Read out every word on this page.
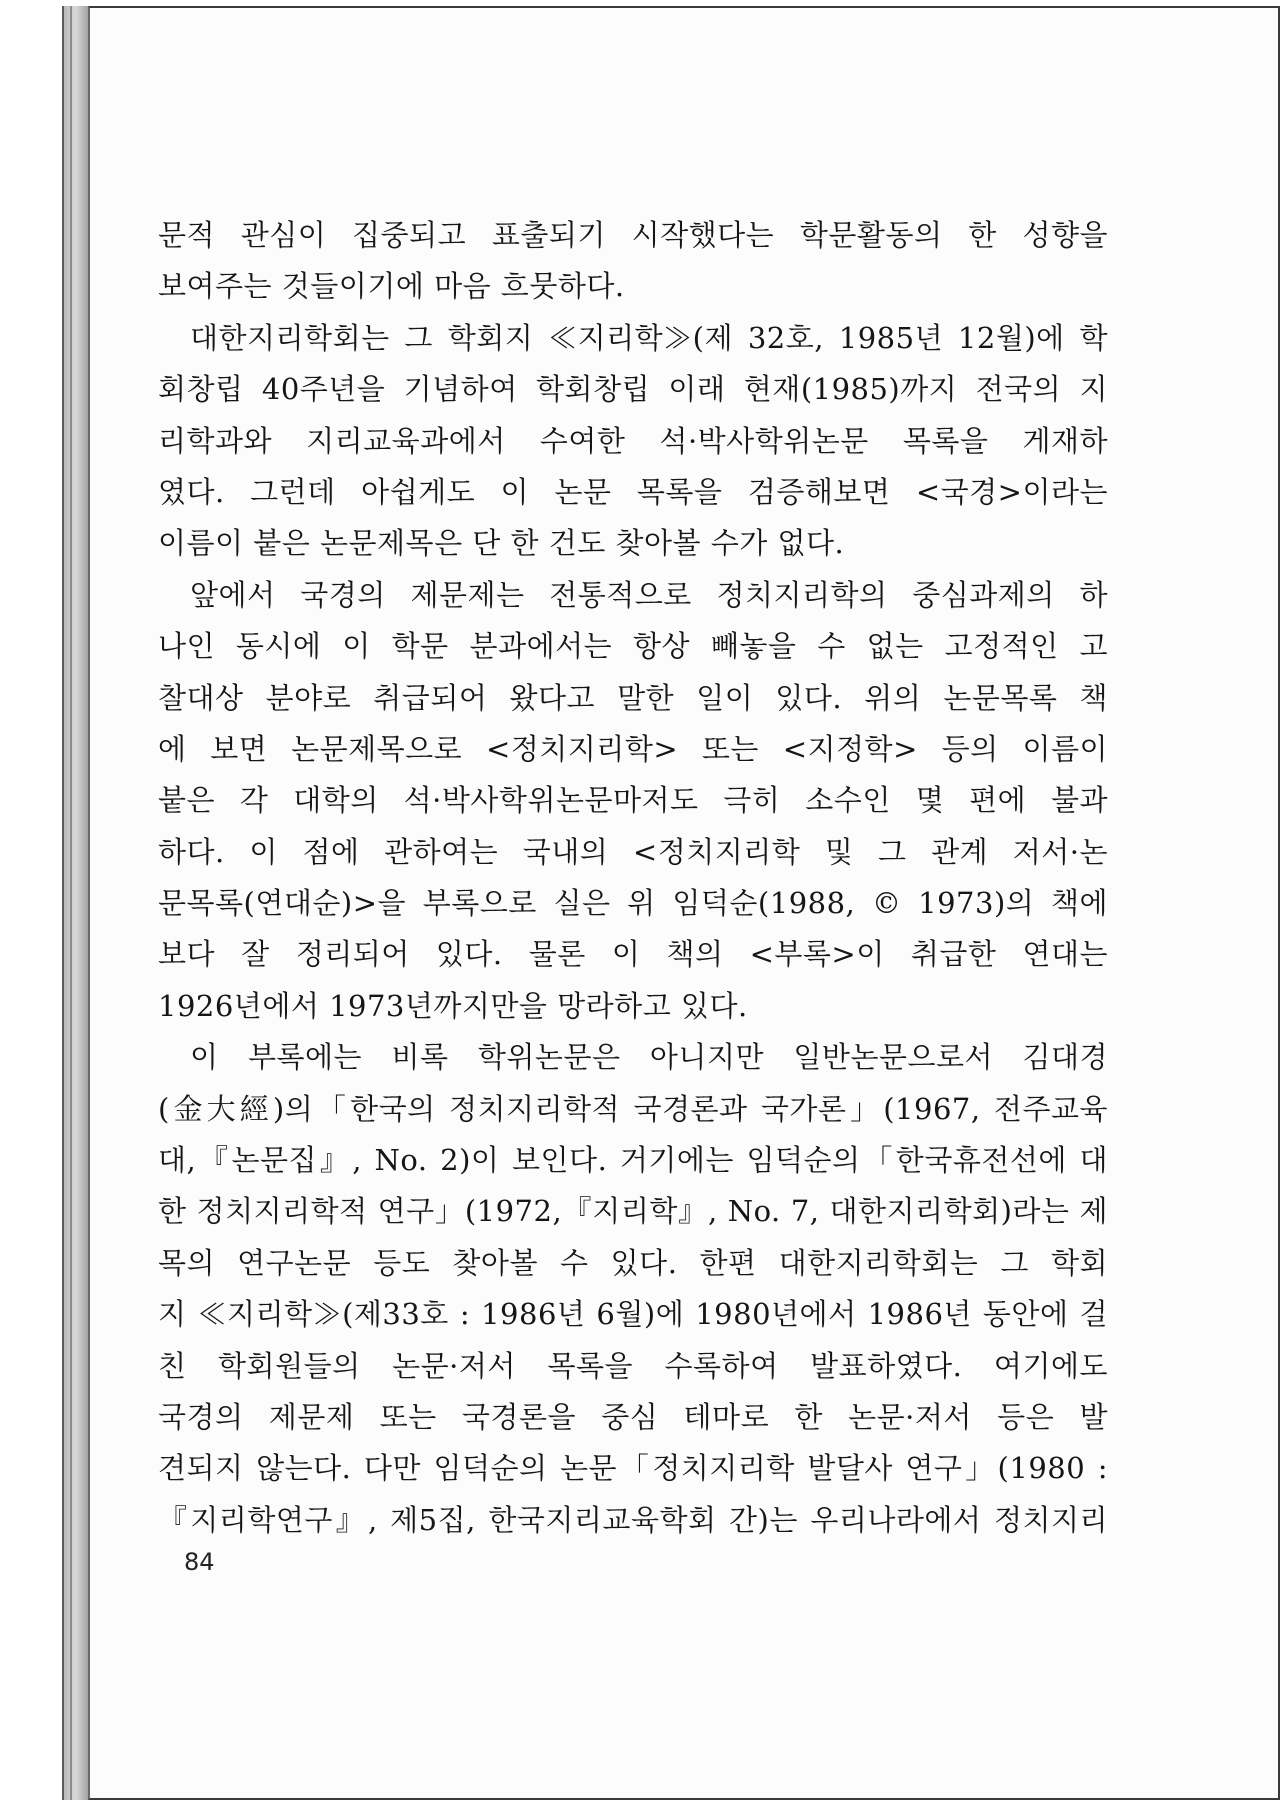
문적 관심이 집중되고 표출되기 시작했다는 학문활동의 한 성향을
보여주는 것들이기에 마음 흐뭇하다.
대한지리학회는 그 학회지 ≪지리학≫(제 32호, 1985년 12월)에 학
회창립 40주년을 기념하여 학회창립 이래 현재(1985)까지 전국의 지
리학과와 지리교육과에서 수여한 석·박사학위논문 목록을 게재하
였다. 그런데 아쉽게도 이 논문 목록을 검증해보면 <국경>이라는
이름이 붙은 논문제목은 단 한 건도 찾아볼 수가 없다.
앞에서 국경의 제문제는 전통적으로 정치지리학의 중심과제의 하
나인 동시에 이 학문 분과에서는 항상 빼놓을 수 없는 고정적인 고
찰대상 분야로 취급되어 왔다고 말한 일이 있다. 위의 논문목록 책
에 보면 논문제목으로 <정치지리학> 또는 <지정학> 등의 이름이
붙은 각 대학의 석·박사학위논문마저도 극히 소수인 몇 편에 불과
하다. 이 점에 관하여는 국내의 <정치지리학 및 그 관계 저서·논
문목록(연대순)>을 부록으로 실은 위 임덕순(1988, © 1973)의 책에
보다 잘 정리되어 있다. 물론 이 책의 <부록>이 취급한 연대는
1926년에서 1973년까지만을 망라하고 있다.
이 부록에는 비록 학위논문은 아니지만 일반논문으로서 김대경
(金大經)의「한국의 정치지리학적 국경론과 국가론」(1967, 전주교육
대,『논문집』, No. 2)이 보인다. 거기에는 임덕순의「한국휴전선에 대
한 정치지리학적 연구」(1972,『지리학』, No. 7, 대한지리학회)라는 제
목의 연구논문 등도 찾아볼 수 있다. 한편 대한지리학회는 그 학회
지 ≪지리학≫(제33호 : 1986년 6월)에 1980년에서 1986년 동안에 걸
친 학회원들의 논문·저서 목록을 수록하여 발표하였다. 여기에도
국경의 제문제 또는 국경론을 중심 테마로 한 논문·저서 등은 발
견되지 않는다. 다만 임덕순의 논문「정치지리학 발달사 연구」(1980 :
『지리학연구』, 제5집, 한국지리교육학회 간)는 우리나라에서 정치지리
84
